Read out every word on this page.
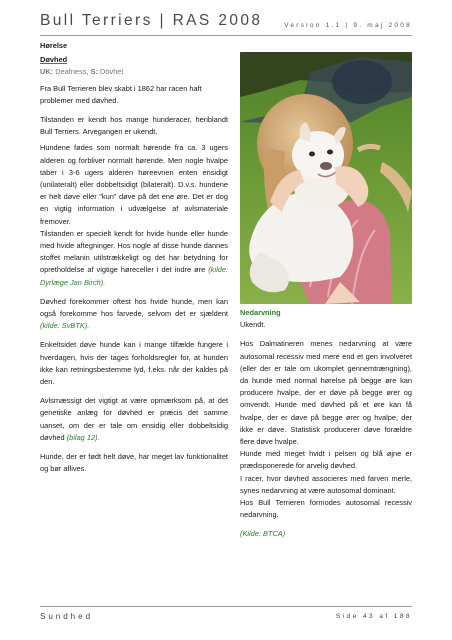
Bull Terriers | RAS 2008	Version 1.1 | 9. maj 2008

Hørelse

Døvhed

UK: Deafness, S: Dövhet

Fra Bull Terrieren blev skabt i 1862 har racen haft problemer med døvhed.

Tilstanden er kendt hos mange hunderacer, heriblandt Bull Terriers. Arvegangen er ukendt.

Hundene fødes som normalt hørende fra ca. 3 ugers alderen og forbliver normalt hørende. Men nogle hvalpe taber i 3-6 ugers alderen høreevnen enten ensidigt (unilateralt) eller dobbeltsidigt (bilateralt). D.v.s. hundene er helt døve eller "kun" døve på det ene øre. Det er dog en vigtig information i udvælgelse af avlsmateriale fremover.

Tilstanden er specielt kendt for hvide hunde eller hunde med hvide aftegninger. Hos nogle af disse hunde dannes stoffet melanin utilstrækkeligt og det har betydning for opretholdelse af vigtige høreceller i det indre øre (kilde: Dyrlæge Jan Birch).

Døvhed forekommer oftest hos hvide hunde, men kan også forekomme hos farvede, selvom det er sjældent (kilde: SvBTK).

Enkeltsidet døve hunde kan i mange tilfælde fungere i hverdagen, hvis der tages forholdsregler for, at hunden ikke kan retningsbestemme lyd, f.eks. når der kaldes på den.

Avlsmæssigt det vigtigt at være opmærksom på, at det genetiske anlæg for døvhed er præcis det samme uanset, om der er tale om ensidig eller dobbeltsidig døvhed (bilag 12).

Hunde, der er født helt døve, har meget lav funktionalitet og bør aflives.

Nedarvning

Ukendt.

Hos Dalmatineren menes nedarvning at være autosomal recessiv med mere end et gen involveret (eller der er tale om ukomplet gennemtrængning), da hunde med normal hørelse på begge øre kan producere hvalpe, der er døve på begge ører og omvendt. Hunde med døvhed på et øre kan få hvalpe, der er døve på begge ører og hvalpe, der ikke er døve. Statistisk producerer døve forældre flere døve hvalpe.

Hunde med meget hvidt i pelsen og blå øjne er prædisponerede for arvelig døvhed.

I racer, hvor døvhed associeres med farven merle, synes nedarvning at være autosomal dominant.

Hos Bull Terrieren formodes autosomal recessiv nedarvning.

(Kilde: BTCA)

Sundhed	Side 43 af 188
